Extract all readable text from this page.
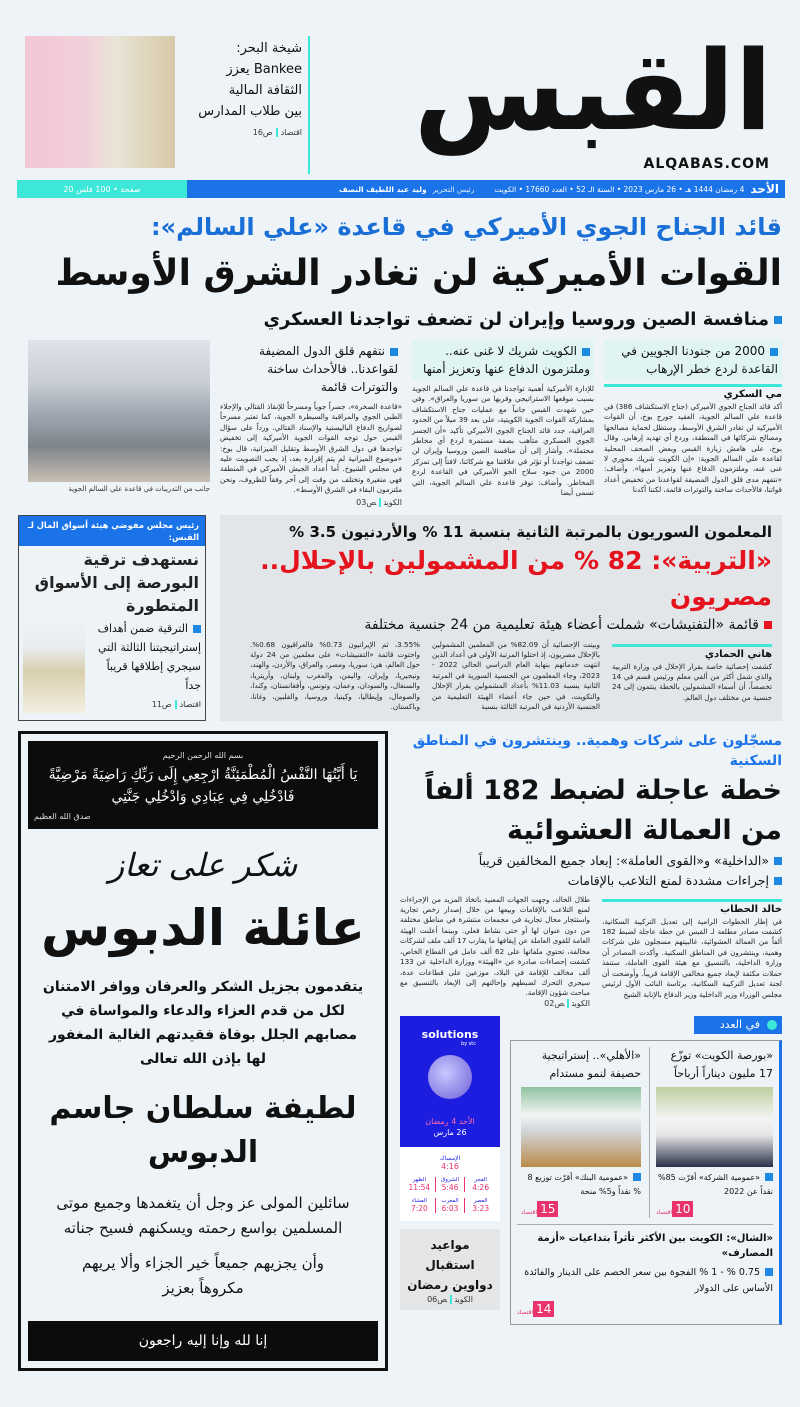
القبس
ALQABAS.COM
شيخة البحر:
Bankee يعزز
الثقافة المالية
بين طلاب المدارس
اقتصادص16
20 صفحة • 100 فلس	الأحد
4 رمضان 1444 هـ • 26 مارس 2023 • السنة الـ 52 • العدد 17660 • الكويت
رئيس التحرير
وليد عبد اللطيف النصف
قائد الجناح الجوي الأميركي في قاعدة «علي السالم»:
القوات الأميركية لن تغادر الشرق الأوسط
منافسة الصين وروسيا وإيران لن تضعف تواجدنا العسكري
2000 من جنودنا الجويين في القاعدة لردع خطر الإرهاب
مي السكري
أكد قائد الجناح الجوي الأميركي (جناح الاستكشاف 386) في قاعدة علي السالم الجوية، العقيد جورج بوخ، أن القوات الأميركية لن تغادر الشرق الأوسط، وستظل لحماية مصالحها ومصالح شركائها في المنطقة، وردع أي تهديد إرهابي. وقال بوخ، على هامش زيارة القبس وبعض الصحف المحلية لقاعدة علي السالم الجوية: «إن الكويت شريك محوري لا غنى عنه، وملتزمون الدفاع عنها وتعزيز أمنها». وأضاف: «نتفهم مدى قلق الدول المضيفة لقواعدنا من تخفيض أعداد قواتنا، فالأحداث ساخنة والتوترات قائمة، لكننا أكدنا
الكويت شريك لا غنى عنه.. وملتزمون الدفاع عنها وتعزيز أمنها
للإدارة الأميركية أهمية تواجدنا في قاعدة علي السالم الجوية بسبب موقعها الاستراتيجي وقربها من سوريا والعراق». وفي حين شهدت القبس جانباً مع عمليات جناح الاستكشاف بمشاركة القوات الجوية الكويتية، على بعد 39 ميلاً من الحدود العراقية، جدد قائد الجناح الجوي الأميركي تأكيد «أن الجسر الجوي العسكري متأهب بصفة مستمرة لردع أي مخاطر محتملة». وأشار إلى أن منافسة الصين وروسيا وإيران لن تضعف تواجدنا أو تؤثر في علاقتنا مع شركائنا، لافتاً إلى تمركز 2000 من جنود سلاح الجو الأميركي في القاعدة لردع المخاطر. وأضاف: توفر قاعدة علي السالم الجوية، التي تسمى أيضا
نتفهم قلق الدول المضيفة لقواعدنا.. فالأحداث ساخنة والتوترات قائمة
«قاعدة الصخرة»، جسراً جوياً ومسرحاً للإنقاذ القتالي والإجلاء الطبي الجوي والمراقبة والسيطرة الجوية، كما تعتبر مسرحاً لصواريخ الدفاع الباليستية والإسناد القتالي. ورداً على سؤال القبس حول توجه القوات الجوية الأميركية إلى تخفيض تواجدها في دول الشرق الأوسط وتقليل الميزانية، قال بوخ: «موضوع الميزانية لم يتم إقراره بعد، إذ يجب التصويت عليه في مجلس الشيوخ. أما أعداد الجيش الأميركي في المنطقة فهي متغيرة وتختلف من وقت إلى آخر وفقاً للظروف، ونحن ملتزمون البقاء في الشرق الأوسط».
الكويتص03
جانب من التدريبات في قاعدة علي السالم الجوية
المعلمون السوريون بالمرتبة الثانية بنسبة 11 % والأردنيون 3.5 %
«التربية»: 82 % من المشمولين بالإحلال.. مصريون
قائمة «التفنيشات» شملت أعضاء هيئة تعليمية من 24 جنسية مختلفة
هاني الحمادي
كشفت إحصائية خاصة بقرار الإحلال في وزارة التربية والذي شمل أكثر من ألفي معلم ورئيس قسم في 14 تخصصاً، أن أسماء المشمولين بالخطة ينتمون إلى 24 جنسية من مختلف دول العالم.
وبينت الإحصائية أن 82.09% من المعلمين المشمولين بالإحلال مصريون، إذ احتلوا المرتبة الأولى في أعداد الذين انتهت خدماتهم بنهاية العام الدراسي الحالي 2022 - 2023، وجاء المعلمون من الجنسية السورية في المرتبة الثانية بنسبة 11.03% بأعداد المشمولين بقرار الإحلال والتكويت، في حين جاء أعضاء الهيئة التعليمية من الجنسية الأردنية في المرتبة الثالثة بنسبة
3.55%، ثم الإيرانيون 0.73% فالعراقيون 0.68%. واحتوت قائمة «التفنيشات» على معلمين من 24 دولة حول العالم، هي: سوريا، ومصر، والعراق، والأردن، والهند، ونيجيريا، وإيران، واليمن، والمغرب ولبنان، وأريتريا، والسنغال، والسودان، وعمان، وتونس، وأفغانستان، وكندا، والصومال، وإيطاليا، وكينيا، وروسيا، والفلبين، وغانا، وباكستان.
رئيس مجلس مفوضي هيئة أسواق المال لـ القبس:
نستهدف ترقية البورصة إلى الأسواق المتطورة
الترقية ضمن أهداف إستراتيجيتنا الثالثة التي سيجري إطلاقها قريباً جداً
اقتصادص11
مسجّلون على شركات وهمية.. وينتشرون في المناطق السكنية
خطة عاجلة لضبط 182 ألفاً
من العمالة العشوائية
«الداخلية» و«القوى العاملة»: إبعاد جميع المخالفين قريباً
إجراءات مشددة لمنع التلاعب بالإقامات
خالد الحطاب
في إطار الخطوات الرامية إلى تعديل التركيبة السكانية، كشفت مصادر مطلعة لـ القبس عن خطة عاجلة لضبط 182 ألفاً من العمالة العشوائية، غالبيتهم مسجلون على شركات وهمية، وينتشرون في المناطق السكنية. وأكدت المصادر أن وزارة الداخلية، بالتنسيق مع هيئة القوى العاملة، ستنفذ حملات مكثفة لإبعاد جميع مخالفي الإقامة قريباً. وأوضحت أن لجنة تعديل التركيبة السكانية، برئاسة النائب الأول لرئيس مجلس الوزراء وزير الداخلية وزير الدفاع بالإنابة الشيخ
طلال الخالد، وجهت الجهات المعنية باتخاذ المزيد من الإجراءات لمنع التلاعب بالإقامات وبيعها من خلال إصدار رخص تجارية واستئجار محال تجارية في مجمعات منتشرة في مناطق مختلفة من دون عنوان لها أو حتى نشاط فعلي. وبينما أعلنت الهيئة العامة للقوى العاملة عن إيقافها ما يقارب 17 ألف ملف لشركات مخالفة، تحتوي ملفاتها على 62 ألف عامل في القطاع الخاص، كشفت إحصاءات صادرة عن «الهيئة» ووزارة الداخلية عن 133 ألف مخالف للإقامة في البلاد، موزعين على قطاعات عدة، سيجري التحرك لضبطهم وإحالتهم إلى الإبعاد بالتنسيق مع مباحث شؤون الإقامة.
الكويتص02
في العدد
«بورصة الكويت» توزّع 17 مليون ديناراً أرباحاً
«عمومية الشركة» أقرّت 85% نقداً عن 2022
10اقتصاد
«الأهلي».. إستراتيجية حصيفة لنمو مستدام
«عمومية البنك» أقرّت توزيع 8 % نقداً و5% منحة
15اقتصاد
«الشال»: الكويت بين الأكثر تأثراً بتداعيات «أزمة المصارف»
0.75 % - 1 % الفجوة بين سعر الخصم على الدينار والفائدة الأساس على الدولار
14اقتصاد
solutions
by stc
الأحد 4 رمضان
26 مارس
الإمساك
4:16
الفجر
4:26
الشروق
5:46
الظهر
11:54
العصر
3:23
المغرب
6:03
العشاء
7:20
مواعيد استقبال دواوين رمضان
الكويتص06
بسم الله الرحمن الرحيم
يَا أَيَّتُهَا النَّفْسُ الْمُطْمَئِنَّةُ ارْجِعِي إِلَى رَبِّكِ رَاضِيَةً مَرْضِيَّةً فَادْخُلِي فِي عِبَادِي وَادْخُلِي جَنَّتِي
صدق الله العظيم
شكر على تعاز
عائلة الدبوس
يتقدمون بجزيل الشكر والعرفان ووافر الامتنان لكل من قدم العزاء والدعاء والمواساة في مصابهم الجلل بوفاة فقيدتهم الغالية المغفور لها بإذن الله تعالى
لطيفة سلطان جاسم الدبوس
سائلين المولى عز وجل أن يتغمدها وجميع موتى المسلمين بواسع رحمته ويسكنهم فسيح جناته
وأن يجزيهم جميعاً خير الجزاء وألا يريهم مكروهاً بعزيز
إنا لله وإنا إليه راجعون
